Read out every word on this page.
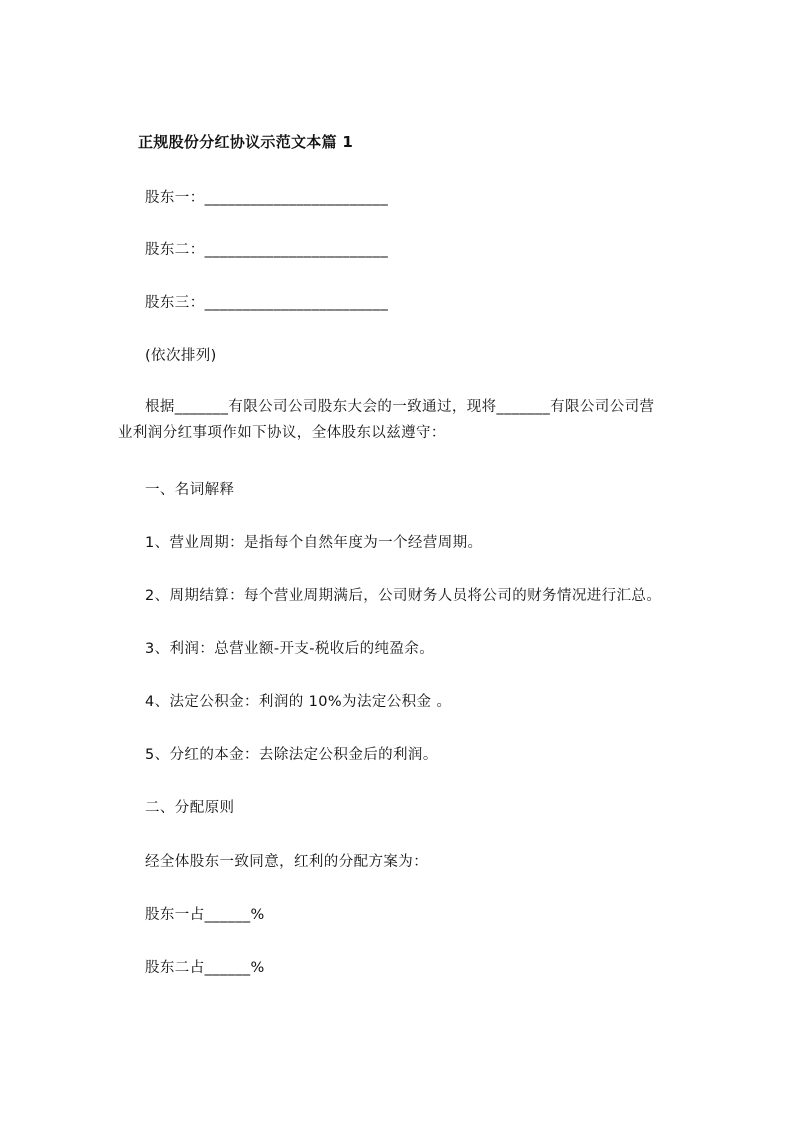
正规股份分红协议示范文本篇 1
股东一：________________________
股东二：________________________
股东三：________________________
(依次排列)
根据_______有限公司公司股东大会的一致通过，现将_______有限公司公司营
业利润分红事项作如下协议，全体股东以兹遵守：
一、名词解释
1、营业周期：是指每个自然年度为一个经营周期。
2、周期结算：每个营业周期满后，公司财务人员将公司的财务情况进行汇总。
3、利润：总营业额-开支-税收后的纯盈余。
4、法定公积金：利润的 10%为法定公积金 。
5、分红的本金：去除法定公积金后的利润。
二、分配原则
经全体股东一致同意，红利的分配方案为：
股东一占______%
股东二占______%
